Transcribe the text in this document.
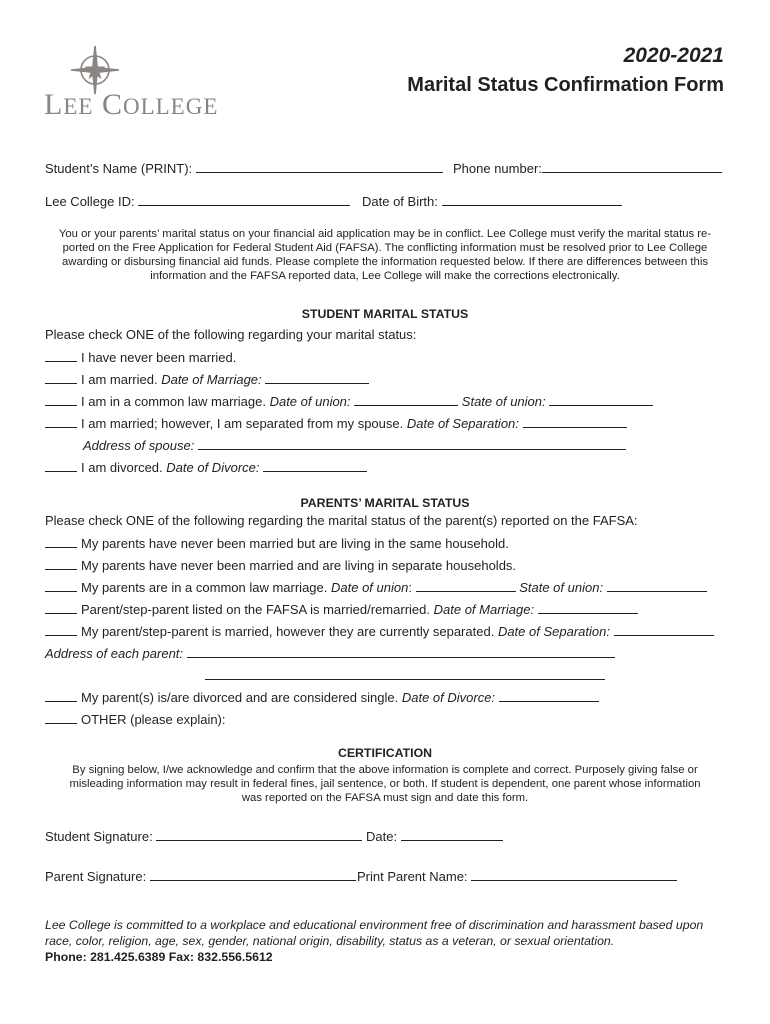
LEE COLLEGE
2020-2021
Marital Status Confirmation Form
Student’s Name (PRINT):	Phone number:
Lee College ID:	Date of Birth:
You or your parents’ marital status on your financial aid application may be in conflict. Lee College must verify the marital status re-
ported on the Free Application for Federal Student Aid (FAFSA). The conflicting information must be resolved prior to Lee College
awarding or disbursing financial aid funds. Please complete the information requested below. If there are differences between this
information and the FAFSA reported data, Lee College will make the corrections electronically.
STUDENT MARITAL STATUS
Please check ONE of the following regarding your marital status:
I have never been married.
I am married. Date of Marriage:
I am in a common law marriage. Date of union:	State of union:
I am married; however, I am separated from my spouse. Date of Separation:
Address of spouse:
I am divorced. Date of Divorce:
PARENTS’ MARITAL STATUS
Please check ONE of the following regarding the marital status of the parent(s) reported on the FAFSA:
My parents have never been married but are living in the same household.
My parents have never been married and are living in separate households.
My parents are in a common law marriage. Date of union:	State of union:
Parent/step-parent listed on the FAFSA is married/remarried. Date of Marriage:
My parent/step-parent is married, however they are currently separated. Date of Separation:
Address of each parent:
My parent(s) is/are divorced and are considered single. Date of Divorce:
OTHER (please explain):
CERTIFICATION
By signing below, I/we acknowledge and confirm that the above information is complete and correct. Purposely giving false or
misleading information may result in federal fines, jail sentence, or both. If student is dependent, one parent whose information
was reported on the FAFSA must sign and date this form.
Student Signature:	Date:
Parent Signature:	Print Parent Name:
Lee College is committed to a workplace and educational environment free of discrimination and harassment based upon
race, color, religion, age, sex, gender, national origin, disability, status as a veteran, or sexual orientation.
Phone: 281.425.6389 Fax: 832.556.5612
